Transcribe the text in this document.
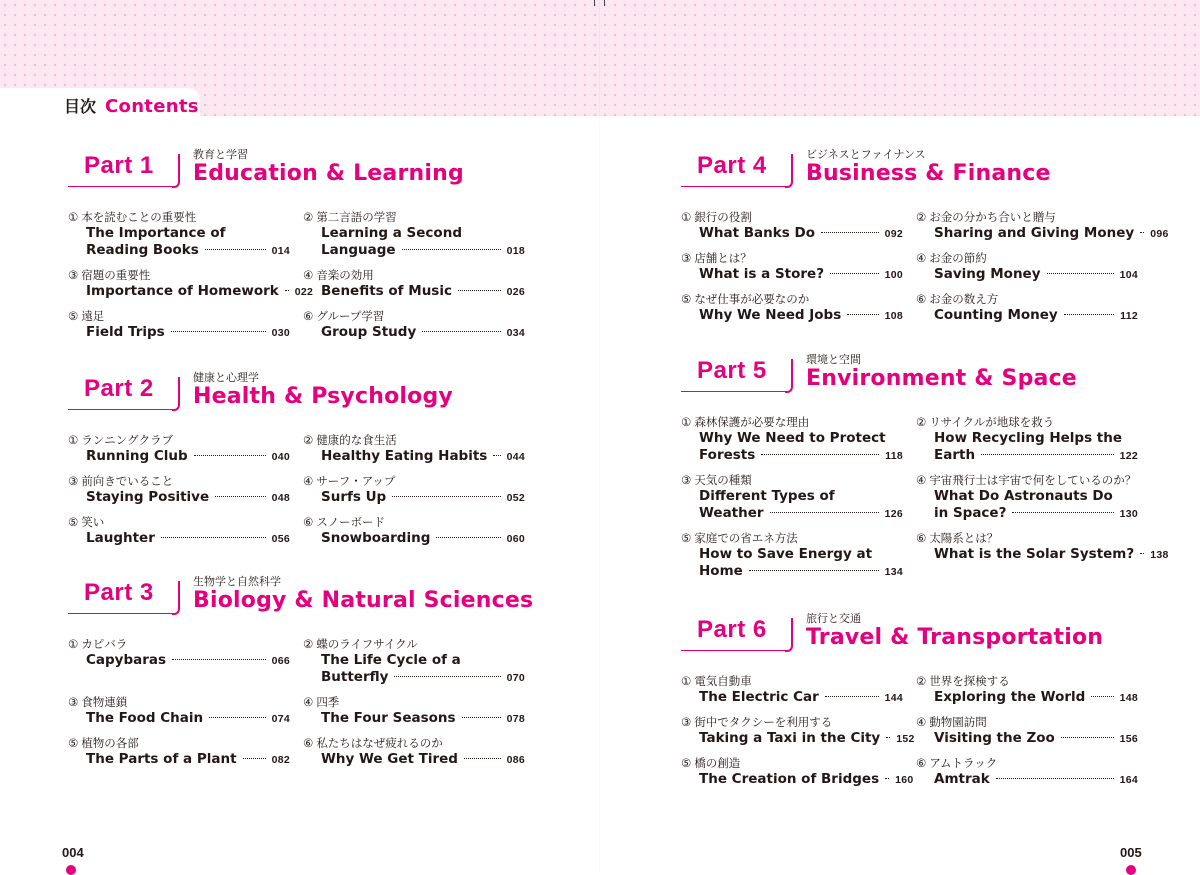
目次 Contents
Part 1	教育と学習
Education & Learning
① 本を読むことの重要性
The Importance of
Reading Books	014
② 第二言語の学習
Learning a Second
Language	018
③ 宿題の重要性
Importance of Homework 022
④ 音楽の効用
Benefits of Music	026
⑤ 遠足
Field Trips	030
⑥ グループ学習
Group Study	034
Part 2	健康と心理学
Health & Psychology
① ランニングクラブ
Running Club	040
② 健康的な食生活
Healthy Eating Habits 044
③ 前向きでいること
Staying Positive	048
④ サーフ・アップ
Surfs Up	052
⑤ 笑い
Laughter	056
⑥ スノーボード
Snowboarding	060
Part 3	生物学と自然科学
Biology & Natural Sciences
① カピバラ
Capybaras	066
② 蝶のライフサイクル
The Life Cycle of a
Butterfly	070
③ 食物連鎖
The Food Chain	074
④ 四季
The Four Seasons	078
⑤ 植物の各部
The Parts of a Plant	082
⑥ 私たちはなぜ疲れるのか
Why We Get Tired	086
Part 4	ビジネスとファイナンス
Business & Finance
① 銀行の役割
What Banks Do	092
② お金の分かち合いと贈与
Sharing and Giving Money 096
③ 店舗とは？
What is a Store?	100
④ お金の節約
Saving Money	104
⑤ なぜ仕事が必要なのか
Why We Need Jobs	108
⑥ お金の数え方
Counting Money	112
Part 5	環境と空間
Environment & Space
① 森林保護が必要な理由
Why We Need to Protect
Forests	118
② リサイクルが地球を救う
How Recycling Helps the
Earth	122
③ 天気の種類
Different Types of
Weather	126
④ 宇宙飛行士は宇宙で何をしているのか？
What Do Astronauts Do
in Space?	130
⑤ 家庭での省エネ方法
How to Save Energy at
Home	134
⑥ 太陽系とは？
What is the Solar System? 138
Part 6	旅行と交通
Travel & Transportation
① 電気自動車
The Electric Car	144
② 世界を探検する
Exploring the World	148
③ 街中でタクシーを利用する
Taking a Taxi in the City 152
④ 動物園訪問
Visiting the Zoo	156
⑤ 橋の創造
The Creation of Bridges 160
⑥ アムトラック
Amtrak	164
004	005
